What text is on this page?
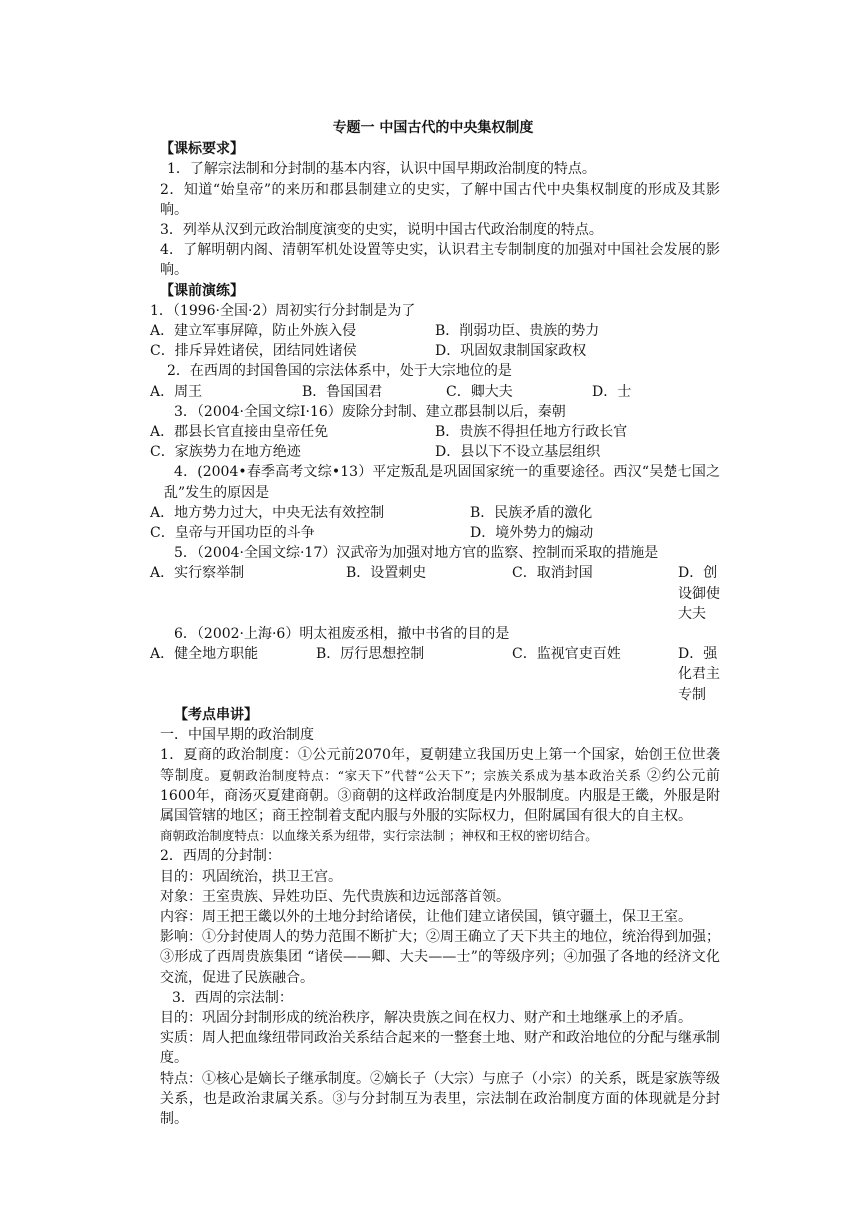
专题一 中国古代的中央集权制度
【课标要求】

1．了解宗法制和分封制的基本内容，认识中国早期政治制度的特点。

2．知道“始皇帝”的来历和郡县制建立的史实，了解中国古代中央集权制度的形成及其影响。

3．列举从汉到元政治制度演变的史实，说明中国古代政治制度的特点。

4．了解明朝内阁、清朝军机处设置等史实，认识君主专制制度的加强对中国社会发展的影响。

【课前演练】

1．（1996·全国·2）周初实行分封制是为了

A．建立军事屏障，防止外族入侵	B．削弱功臣、贵族的势力
C．排斥异姓诸侯，团结同姓诸侯	D．巩固奴隶制国家政权

2．在西周的封国鲁国的宗法体系中，处于大宗地位的是

A．周王	B．鲁国国君	C．卿大夫	D．士

3．（2004·全国文综Ⅰ·16）废除分封制、建立郡县制以后，秦朝

A．郡县长官直接由皇帝任免	B．贵族不得担任地方行政长官
C．家族势力在地方绝迹	D．县以下不设立基层组织

4．(2004•春季高考文综•13）平定叛乱是巩固国家统一的重要途径。西汉“吴楚七国之乱”发生的原因是

A．地方势力过大，中央无法有效控制	B．民族矛盾的激化
C．皇帝与开国功臣的斗争	D．境外势力的煽动

5．（2004·全国文综·17）汉武帝为加强对地方官的监察、控制而采取的措施是

A．实行察举制	B．设置刺史	C．取消封国	D．创设御使大夫

6．（2002·上海·6）明太祖废丞相，撤中书省的目的是

A．健全地方职能	B．厉行思想控制	C．监视官吏百姓	D．强化君主专制
【考点串讲】

一．中国早期的政治制度

1．夏商的政治制度：①公元前2070年，夏朝建立我国历史上第一个国家，始创王位世袭等制度。夏朝政治制度特点：“家天下”代替“公天下”；宗族关系成为基本政治关系 ②约公元前1600年，商汤灭夏建商朝。③商朝的这样政治制度是内外服制度。内服是王畿，外服是附属国管辖的地区；商王控制着支配内服与外服的实际权力，但附属国有很大的自主权。
商朝政治制度特点：以血缘关系为纽带，实行宗法制 ；神权和王权的密切结合。

2．西周的分封制：

目的：巩固统治，拱卫王宫。

对象：王室贵族、异姓功臣、先代贵族和边远部落首领。

内容：周王把王畿以外的土地分封给诸侯，让他们建立诸侯国，镇守疆土，保卫王室。

影响：①分封使周人的势力范围不断扩大；②周王确立了天下共主的地位，统治得到加强；③形成了西周贵族集团 “诸侯——卿、大夫——士”的等级序列；④加强了各地的经济文化交流，促进了民族融合。

3．西周的宗法制：

目的：巩固分封制形成的统治秩序，解决贵族之间在权力、财产和土地继承上的矛盾。

实质：周人把血缘纽带同政治关系结合起来的一整套土地、财产和政治地位的分配与继承制度。

特点：①核心是嫡长子继承制度。②嫡长子（大宗）与庶子（小宗）的关系，既是家族等级关系，也是政治隶属关系。③与分封制互为表里，宗法制在政治制度方面的体现就是分封制。
